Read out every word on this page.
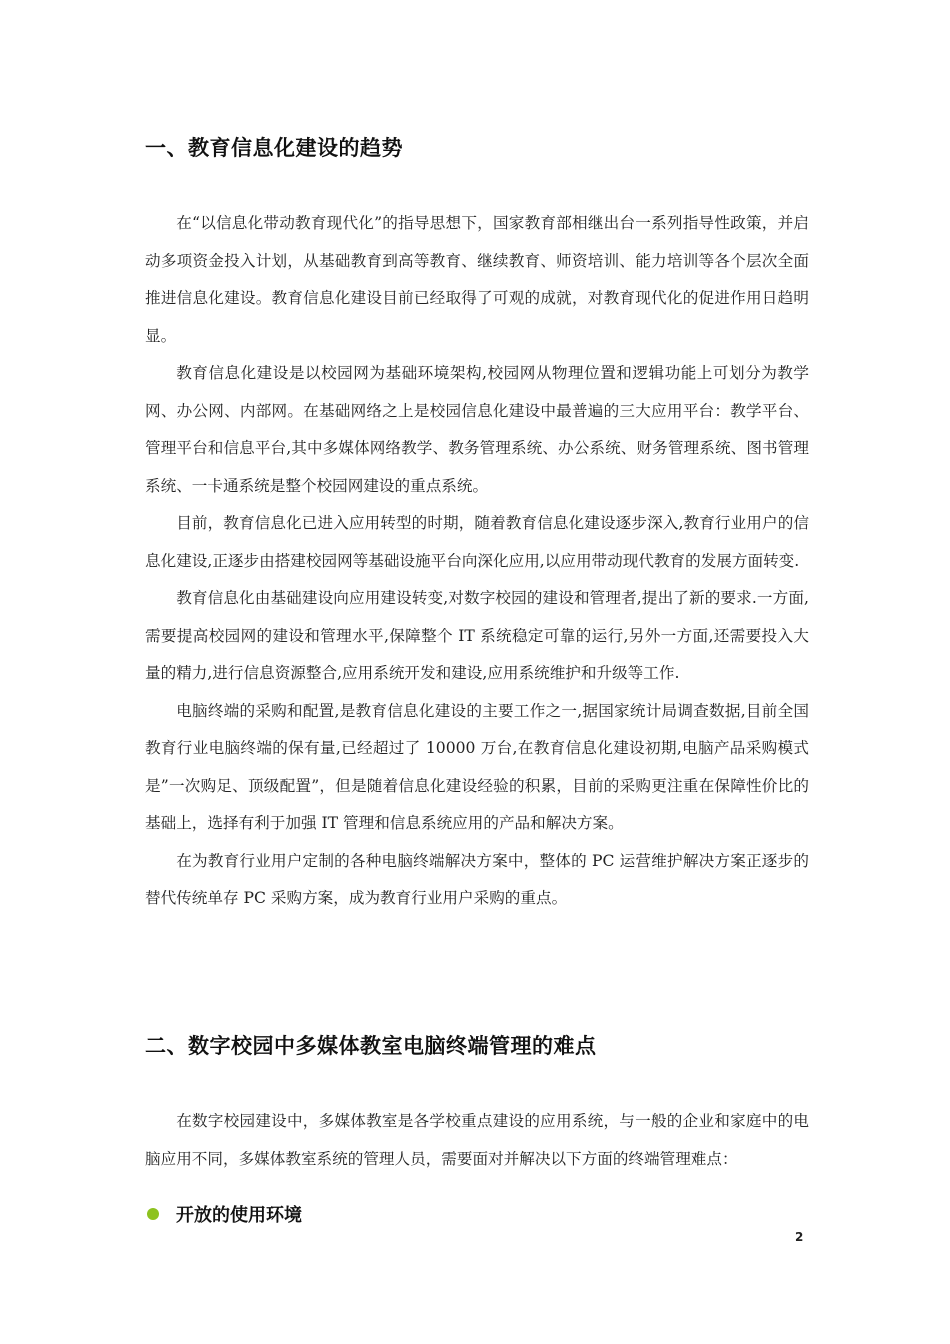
一、教育信息化建设的趋势

在“以信息化带动教育现代化”的指导思想下，国家教育部相继出台一系列指导性政策，并启动多项资金投入计划，从基础教育到高等教育、继续教育、师资培训、能力培训等各个层次全面推进信息化建设。教育信息化建设目前已经取得了可观的成就，对教育现代化的促进作用日趋明显。

教育信息化建设是以校园网为基础环境架构,校园网从物理位置和逻辑功能上可划分为教学网、办公网、内部网。在基础网络之上是校园信息化建设中最普遍的三大应用平台：教学平台、管理平台和信息平台,其中多媒体网络教学、教务管理系统、办公系统、财务管理系统、图书管理系统、一卡通系统是整个校园网建设的重点系统。

目前，教育信息化已进入应用转型的时期，随着教育信息化建设逐步深入,教育行业用户的信息化建设,正逐步由搭建校园网等基础设施平台向深化应用,以应用带动现代教育的发展方面转变.

教育信息化由基础建设向应用建设转变,对数字校园的建设和管理者,提出了新的要求.一方面,需要提高校园网的建设和管理水平,保障整个 IT 系统稳定可靠的运行,另外一方面,还需要投入大量的精力,进行信息资源整合,应用系统开发和建设,应用系统维护和升级等工作.

电脑终端的采购和配置,是教育信息化建设的主要工作之一,据国家统计局调查数据,目前全国教育行业电脑终端的保有量,已经超过了 10000 万台,在教育信息化建设初期,电脑产品采购模式是”一次购足、顶级配置”，但是随着信息化建设经验的积累，目前的采购更注重在保障性价比的基础上，选择有利于加强 IT 管理和信息系统应用的产品和解决方案。

在为教育行业用户定制的各种电脑终端解决方案中，整体的 PC 运营维护解决方案正逐步的替代传统单存 PC 采购方案，成为教育行业用户采购的重点。

二、数字校园中多媒体教室电脑终端管理的难点

在数字校园建设中，多媒体教室是各学校重点建设的应用系统，与一般的企业和家庭中的电脑应用不同，多媒体教室系统的管理人员，需要面对并解决以下方面的终端管理难点：

开放的使用环境
2
